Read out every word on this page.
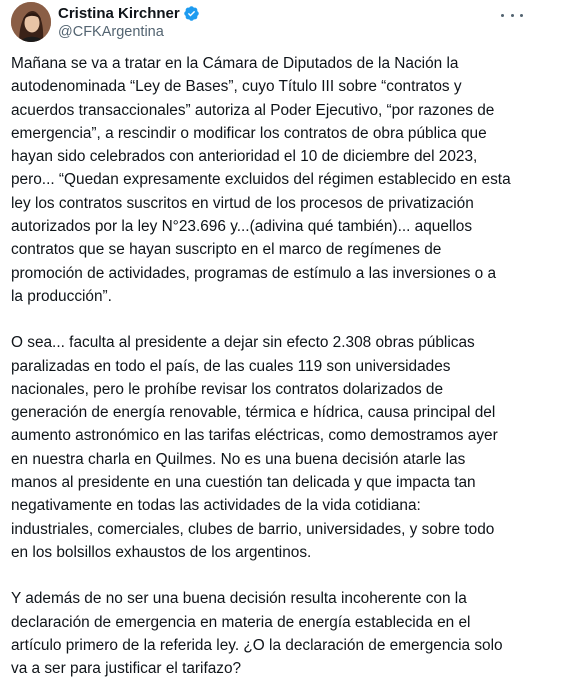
Cristina Kirchner
@CFKArgentina

Mañana se va a tratar en la Cámara de Diputados de la Nación la
autodenominada “Ley de Bases”, cuyo Título III sobre “contratos y
acuerdos transaccionales” autoriza al Poder Ejecutivo, “por razones de
emergencia”, a rescindir o modificar los contratos de obra pública que
hayan sido celebrados con anterioridad el 10 de diciembre del 2023,
pero... “Quedan expresamente excluidos del régimen establecido en esta
ley los contratos suscritos en virtud de los procesos de privatización
autorizados por la ley N°23.696 y...(adivina qué también)... aquellos
contratos que se hayan suscripto en el marco de regímenes de
promoción de actividades, programas de estímulo a las inversiones o a
la producción”.

O sea... faculta al presidente a dejar sin efecto 2.308 obras públicas
paralizadas en todo el país, de las cuales 119 son universidades
nacionales, pero le prohíbe revisar los contratos dolarizados de
generación de energía renovable, térmica e hídrica, causa principal del
aumento astronómico en las tarifas eléctricas, como demostramos ayer
en nuestra charla en Quilmes. No es una buena decisión atarle las
manos al presidente en una cuestión tan delicada y que impacta tan
negativamente en todas las actividades de la vida cotidiana:
industriales, comerciales, clubes de barrio, universidades, y sobre todo
en los bolsillos exhaustos de los argentinos.

Y además de no ser una buena decisión resulta incoherente con la
declaración de emergencia en materia de energía establecida en el
artículo primero de la referida ley. ¿O la declaración de emergencia solo
va a ser para justificar el tarifazo?
